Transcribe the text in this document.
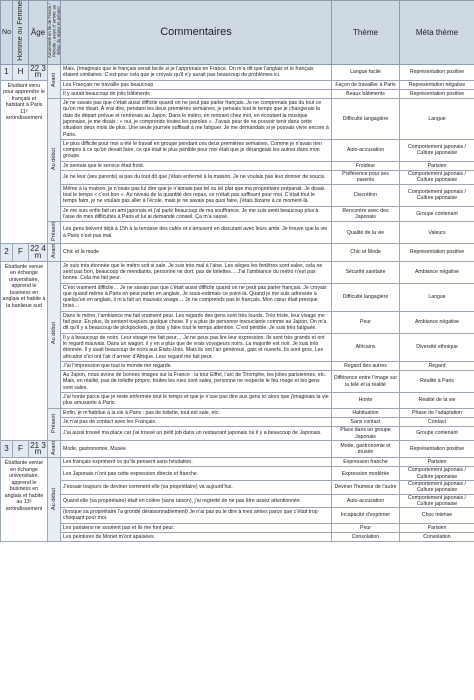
No	Homme ou Femme	Âge	Ancienneté en Île de France / Période : avant d’ arriver, au début du séjour et présent	Commentaires	Thème	Méta thème
1	H	22 3 m	Avant	Mais, j’imaginais que le français serait facile si je l’apprenais en France. On m’a dit que l’anglais et le français étaient similaires. C’est pour cela que je croyais qu’il n’y aurait pas beaucoup de problèmes ici.	Langue facile	Représentation positive
Étudiant venu pour apprendre le français et habitant à Paris 11ᵉ arrondissement				Les Français ne travaille pas beaucoup	Façon de travailler à Paris	Représentation négative
				Il y aurait beaucoup de jolis bâtiments	Beaux bâtiments	Représentation positive
			Au début	Je ne savais pas que c’était aussi difficile quand on ne peut pas parler français. Je ne comprenais pas du tout ce qu’on me disait. À vrai dire, pendant les deux premières semaines, je pensais tout le temps que je changerais la date de départ prévue et rentrerais au Japon. Dans le métro, en rentrant chez moi, en écoutant la musique japonaise, je me disais : « oui, je comprends toutes les paroles ». J’avais peur de ne pouvoir tenir dans cette situation deux mois de plus. Une seule journée suffisait à me fatiguer. Je me demandais si je pouvais vivre encore à Paris.	Difficulté langagière	Langue
				Le plus difficile pour moi a été le travail en groupe pendant ces deux premières semaines. Comme je n’avais rien compris à ce qu’on devait faire, ce qui était le plus pénible pour moi était que je dérangeais les autres dans mon groupe.	Auto-accusation	Comportement japonais / Culture japonaise
				Je sentais que le service était froid.	Froideur	Parisien
				Je ne leur (ses parents) ai pas du tout dit que j’étais enfermé à la maison. Je ne voulais pas leur donner de soucis.	Préférence pour ses parents	Comportement japonais / Culture japonaise
				Même à la maison, je n’osais pas lui dire que je n’aimais pas tel ou tel plat que ma propriétaire préparait. Je disais tout le temps « c’est bon ». Au niveau de la quantité des repas, ce n’était pas suffisant pour moi. C’était tout le temps faim, je ne voulais pas aller à l’école, mais je ne savais pas quoi faire, j’étais bizarre à ce moment-là.	Discrétion	Comportement japonais / Culture japonaise
				Je me suis enfin fait un ami japonais et j’ai parlé beaucoup de ma souffrance. Je me suis senti beaucoup plus à l’aise de mes difficultés à Paris et lui ai demandé conseil. Ça m’a sauvé.	Rencontre avec des Japonais	Groupe contenant
			Présent	Les gens boivent déjà à 15h à la terrasse des cafés et s’amusent en discutant avec leurs amis. Je trouve que la vie à Paris n’est pas mal.	Qualité de la vie	Valeurs
2	F	22 4 m	Avant	Chic et la mode	Chic et Mode	Représentation positive
Étudiante venue en échange universitaire, apprend le business en anglais et habite à la banlieue sud			Au début	Je suis très étonnée que le métro soit si sale. Je suis très mal à l’aise. Les sièges les fenêtres sont sales, cela ne sent pas bon, beaucoup de mendiants, personne ne dort, pas de toilettes… J’ai l’ambiance du métro n’est pas bonne. Cela me fait peur.	Sécurité sanitaire	Ambiance négative
				C’est vraiment difficile… Je ne savais pas que c’était aussi difficile quand on ne peut pas parler français. Je croyais que quand même à Paris on peut parler en anglais. Je sous-estimais ce point-là. Quand je me suis adressée à quelqu’un en anglais, il m’a fait un mauvais visage… Je ne comprends pas le français. Mon cœur était presque brisé…	Difficulté langagière	Langue
				Dans le métro, l’ambiance me fait vraiment peur. Les regards des gens sont très lourds. Très triste, leur visage me fait peur. En plus, ils sentent toujours quelque chose. Il y a plus de personne insouciante comme au Japon. On m’a dit qu’il y a beaucoup de pickpockets, je dois y faire tout le temps attention. C’est pénible. Je suis très fatiguée.	Peur	Ambiance négative
				Il y a beaucoup de noirs. Leur visage me fait peur… Je ne peux pas lire leur expression. Ils sont très grands et ont le regard mauvais. Dans un wagon, il y en a plus que de vrais voyageurs noirs. La majorité est noir. Je suis très étonnée. Il y avait beaucoup de noirs aux États-Unis. Mais ils ont l’air généreux, gais et ouverts. Ils sont gros. Les africains d’ici ont l’air d’arriver d’Afrique. Leur regard me fait peur.	Africains	Diversité ethnique
				J’ai l’impression que tout le monde me regarde.	Regard des autres	Regard
				Au Japon, nous avons de bonnes images sur la France : la tour Eiffel, l’arc de Triomphe, les jolies parisiennes, etc. Mais, en réalité, pas de toilette propre, toutes les rues sont sales, personne ne respecte le feu rouge et les gens sont sales.	Différence entre l’image sur la télé et la réalité	Réalité à Paris
				J’ai honte parce que je reste enfermée tout le temps et que je n’ose pas dire aux gens ici alors que j’imaginais la vie plus amusante à Paris.	Honte	Réalité de la vie
			Présent	Enfin, je m’habitue à la vie à Paris : pas de toilette, tout est sale, etc.	Habituation	Phase de l’adaptation
				Je n’ai pas de contact avec les Français.	Sans contact	Contact
				J’ai aussi trouvé ma place car j’ai trouvé un petit job dans un restaurant japonais où il y a beaucoup de Japonais.	Place dans un groupe Japonais	Groupe contenant
3	F	21 3 m	Avant	Mode, gastronomie, Musée	Mode, gastronomie et musée	Représentation positive
Étudiante venue en échange universitaire, apprend le business en anglais et habite au 13ᵉ arrondissement			Au début	Les français expriment ce qu’ils pensent sans hésitation.	Expression franche	Parisien
				Les Japonais n’ont pas cette expression directe et franche.	Expression modérée	Comportement japonais / Culture japonaise
				J’essaie toujours de deviner comment elle (sa propriétaire) va aujourd’hui.	Deviner l’humeur de l’autre	Comportement japonais / Culture japonaise
				Quand elle (sa propriétaire) était en colère (sans raison), j’ai regretté de ne pas être assez attentionnée.	Auto-accusation	Comportement japonais / Culture japonaise
				(lorsque sa propriétaire l’a grondé déraisonnablement) Je n’ai pas pu le dire à mes amies parce que c’était trop choquant pour moi.	Incapacité d’exprimer	Choc intense
				Les parisiens ne sourient pas et ils me font peur.	Peur	Parisien
				Les peintures de Monet m’ont apaisées.	Consolation	Consolation
